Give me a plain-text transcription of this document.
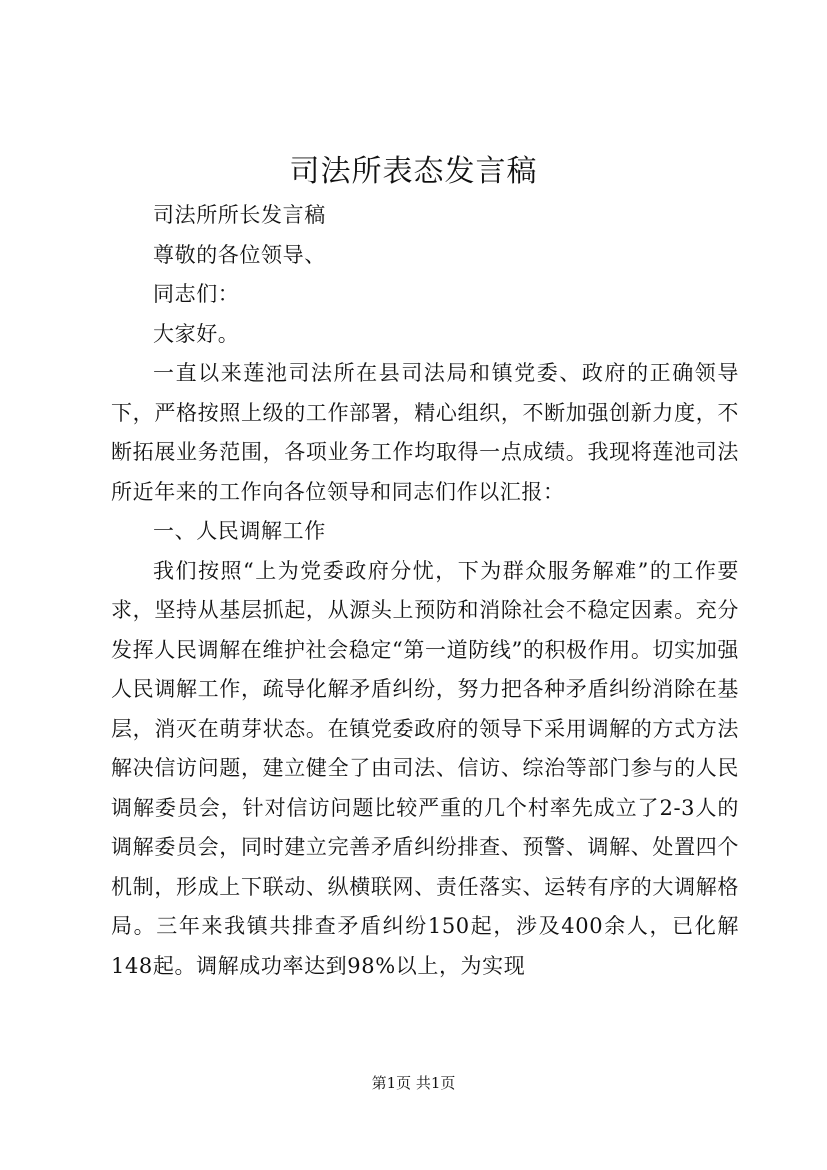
司法所表态发言稿

司法所所长发言稿

尊敬的各位领导、

同志们：

大家好。

一直以来莲池司法所在县司法局和镇党委、政府的正确领导下，严格按照上级的工作部署，精心组织，不断加强创新力度，不断拓展业务范围，各项业务工作均取得一点成绩。我现将莲池司法所近年来的工作向各位领导和同志们作以汇报：

一、人民调解工作

我们按照“上为党委政府分忧，下为群众服务解难”的工作要求，坚持从基层抓起，从源头上预防和消除社会不稳定因素。充分发挥人民调解在维护社会稳定“第一道防线”的积极作用。切实加强人民调解工作，疏导化解矛盾纠纷，努力把各种矛盾纠纷消除在基层，消灭在萌芽状态。在镇党委政府的领导下采用调解的方式方法解决信访问题，建立健全了由司法、信访、综治等部门参与的人民调解委员会，针对信访问题比较严重的几个村率先成立了2-3人的调解委员会，同时建立完善矛盾纠纷排查、预警、调解、处置四个机制，形成上下联动、纵横联网、责任落实、运转有序的大调解格局。三年来我镇共排查矛盾纠纷150起，涉及400余人，已化解148起。调解成功率达到98%以上，为实现

第1页 共1页
